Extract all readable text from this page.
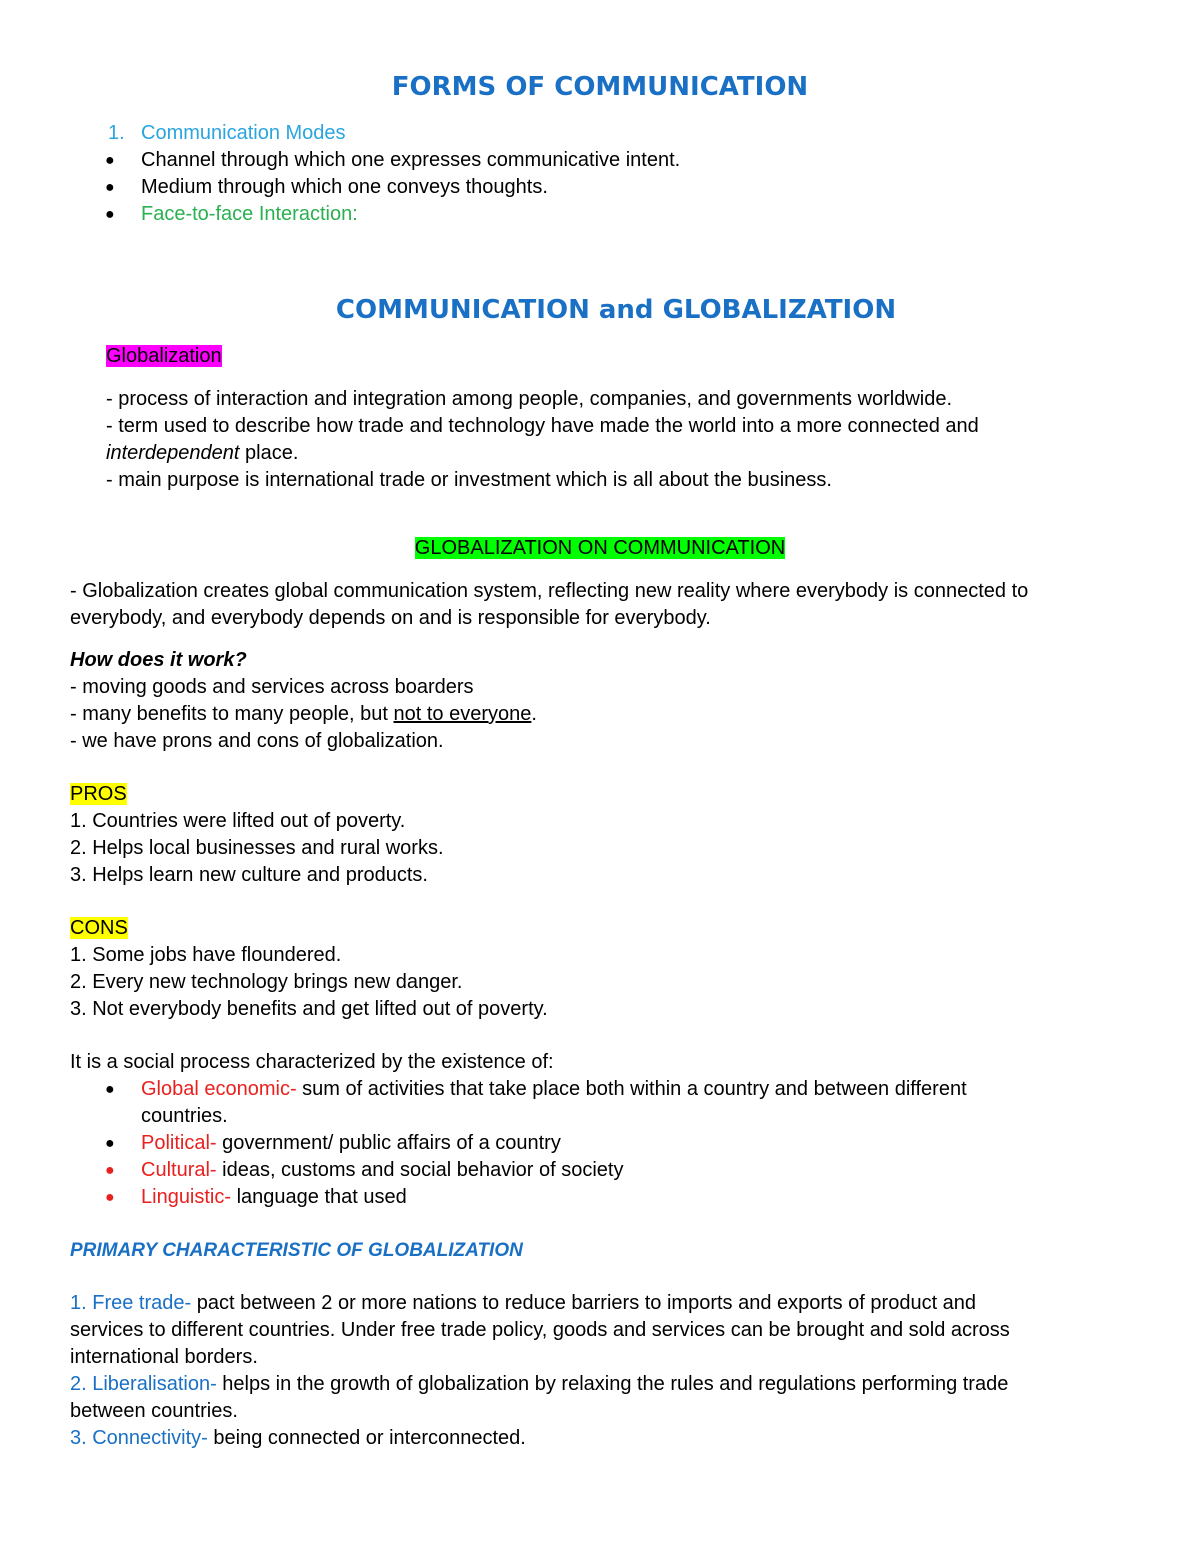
FORMS OF COMMUNICATION
1. Communication Modes
● Channel through which one expresses communicative intent.
● Medium through which one conveys thoughts.
● Face-to-face Interaction:
COMMUNICATION and GLOBALIZATION
Globalization
- process of interaction and integration among people, companies, and governments worldwide.
- term used to describe how trade and technology have made the world into a more connected and
interdependent place.
- main purpose is international trade or investment which is all about the business.
GLOBALIZATION ON COMMUNICATION
- Globalization creates global communication system, reflecting new reality where everybody is connected to
everybody, and everybody depends on and is responsible for everybody.
How does it work?
- moving goods and services across boarders
- many benefits to many people, but not to everyone.
- we have prons and cons of globalization.
PROS
1. Countries were lifted out of poverty.
2. Helps local businesses and rural works.
3. Helps learn new culture and products.
CONS
1. Some jobs have floundered.
2. Every new technology brings new danger.
3. Not everybody benefits and get lifted out of poverty.
It is a social process characterized by the existence of:
● Global economic- sum of activities that take place both within a country and between different
countries.
● Political- government/ public affairs of a country
● Cultural- ideas, customs and social behavior of society
● Linguistic- language that used
PRIMARY CHARACTERISTIC OF GLOBALIZATION
1. Free trade- pact between 2 or more nations to reduce barriers to imports and exports of product and
services to different countries. Under free trade policy, goods and services can be brought and sold across
international borders.
2. Liberalisation- helps in the growth of globalization by relaxing the rules and regulations performing trade
between countries.
3. Connectivity- being connected or interconnected.
